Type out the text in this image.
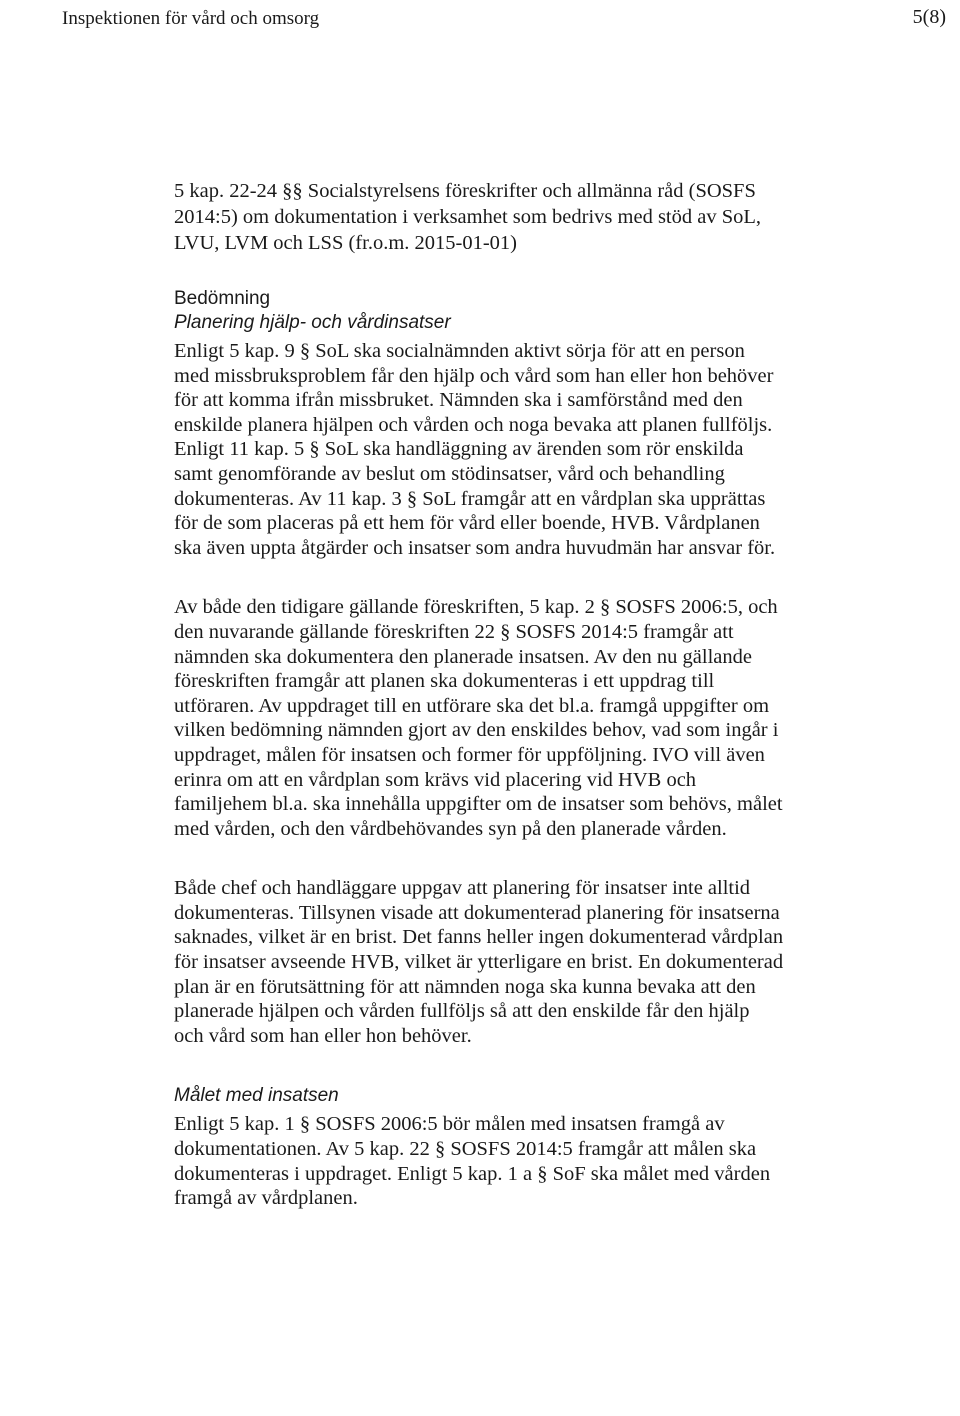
Inspektionen för vård och omsorg	5(8)

5 kap. 22-24 §§ Socialstyrelsens föreskrifter och allmänna råd (SOSFS 2014:5) om dokumentation i verksamhet som bedrivs med stöd av SoL, LVU, LVM och LSS (fr.o.m. 2015-01-01)

Bedömning

Planering hjälp- och vårdinsatser

Enligt 5 kap. 9 § SoL ska socialnämnden aktivt sörja för att en person med missbruksproblem får den hjälp och vård som han eller hon behöver för att komma ifrån missbruket. Nämnden ska i samförstånd med den enskilde planera hjälpen och vården och noga bevaka att planen fullföljs. Enligt 11 kap. 5 § SoL ska handläggning av ärenden som rör enskilda samt genomförande av beslut om stödinsatser, vård och behandling dokumenteras. Av 11 kap. 3 § SoL framgår att en vårdplan ska upprättas för de som placeras på ett hem för vård eller boende, HVB. Vårdplanen ska även uppta åtgärder och insatser som andra huvudmän har ansvar för.

Av både den tidigare gällande föreskriften, 5 kap. 2 § SOSFS 2006:5, och den nuvarande gällande föreskriften 22 § SOSFS 2014:5 framgår att nämnden ska dokumentera den planerade insatsen. Av den nu gällande föreskriften framgår att planen ska dokumenteras i ett uppdrag till utföraren. Av uppdraget till en utförare ska det bl.a. framgå uppgifter om vilken bedömning nämnden gjort av den enskildes behov, vad som ingår i uppdraget, målen för insatsen och former för uppföljning. IVO vill även erinra om att en vårdplan som krävs vid placering vid HVB och familjehem bl.a. ska innehålla uppgifter om de insatser som behövs, målet med vården, och den vårdbehövandes syn på den planerade vården.

Både chef och handläggare uppgav att planering för insatser inte alltid dokumenteras. Tillsynen visade att dokumenterad planering för insatserna saknades, vilket är en brist. Det fanns heller ingen dokumenterad vårdplan för insatser avseende HVB, vilket är ytterligare en brist. En dokumenterad plan är en förutsättning för att nämnden noga ska kunna bevaka att den planerade hjälpen och vården fullföljs så att den enskilde får den hjälp och vård som han eller hon behöver.

Målet med insatsen

Enligt 5 kap. 1 § SOSFS 2006:5 bör målen med insatsen framgå av dokumentationen. Av 5 kap. 22 § SOSFS 2014:5 framgår att målen ska dokumenteras i uppdraget. Enligt 5 kap. 1 a § SoF ska målet med vården framgå av vårdplanen.
